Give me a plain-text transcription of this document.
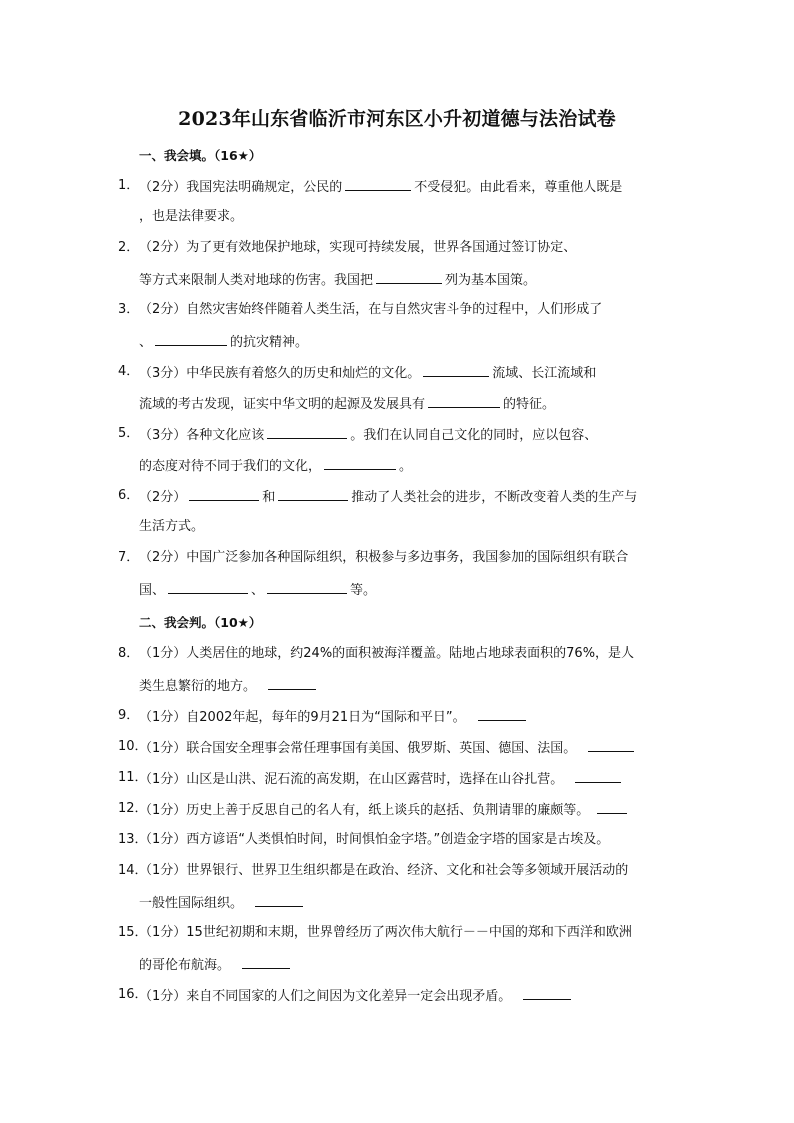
2023年山东省临沂市河东区小升初道德与法治试卷
一、我会填。（16★）
1． （2分）我国宪法明确规定，公民的	不受侵犯。由此看来，尊重他人既是
，也是法律要求。
2． （2分）为了更有效地保护地球，实现可持续发展，世界各国通过签订协定、
等方式来限制人类对地球的伤害。我国把	列为基本国策。
3． （2分）自然灾害始终伴随着人类生活，在与自然灾害斗争的过程中，人们形成了
、	的抗灾精神。
4． （3分）中华民族有着悠久的历史和灿烂的文化。	流域、长江流域和
流域的考古发现，证实中华文明的起源及发展具有	的特征。
5． （3分）各种文化应该	。我们在认同自己文化的同时，应以包容、
的态度对待不同于我们的文化，	。
6． （2分）	和	推动了人类社会的进步，不断改变着人类的生产与
生活方式。
7． （2分）中国广泛参加各种国际组织，积极参与多边事务，我国参加的国际组织有联合
国、	、	等。
二、我会判。（10★）
8． （1分）人类居住的地球，约24%的面积被海洋覆盖。陆地占地球表面积的76%，是人
类生息繁衍的地方。
9． （1分）自2002年起，每年的9月21日为“国际和平日”。
10．
（1分）联合国安全理事会常任理事国有美国、俄罗斯、英国、德国、法国。
11．
（1分）山区是山洪、泥石流的高发期，在山区露营时，选择在山谷扎营。
12．
（1分）历史上善于反思自己的名人有，纸上谈兵的赵括、负荆请罪的廉颇等。
13．
（1分）西方谚语“人类惧怕时间，时间惧怕金字塔。”创造金字塔的国家是古埃及。
14．
（1分）世界银行、世界卫生组织都是在政治、经济、文化和社会等多领域开展活动的
一般性国际组织。
15．
（1分）15世纪初期和末期，世界曾经历了两次伟大航行－－中国的郑和下西洋和欧洲
的哥伦布航海。
16．
（1分）来自不同国家的人们之间因为文化差异一定会出现矛盾。
